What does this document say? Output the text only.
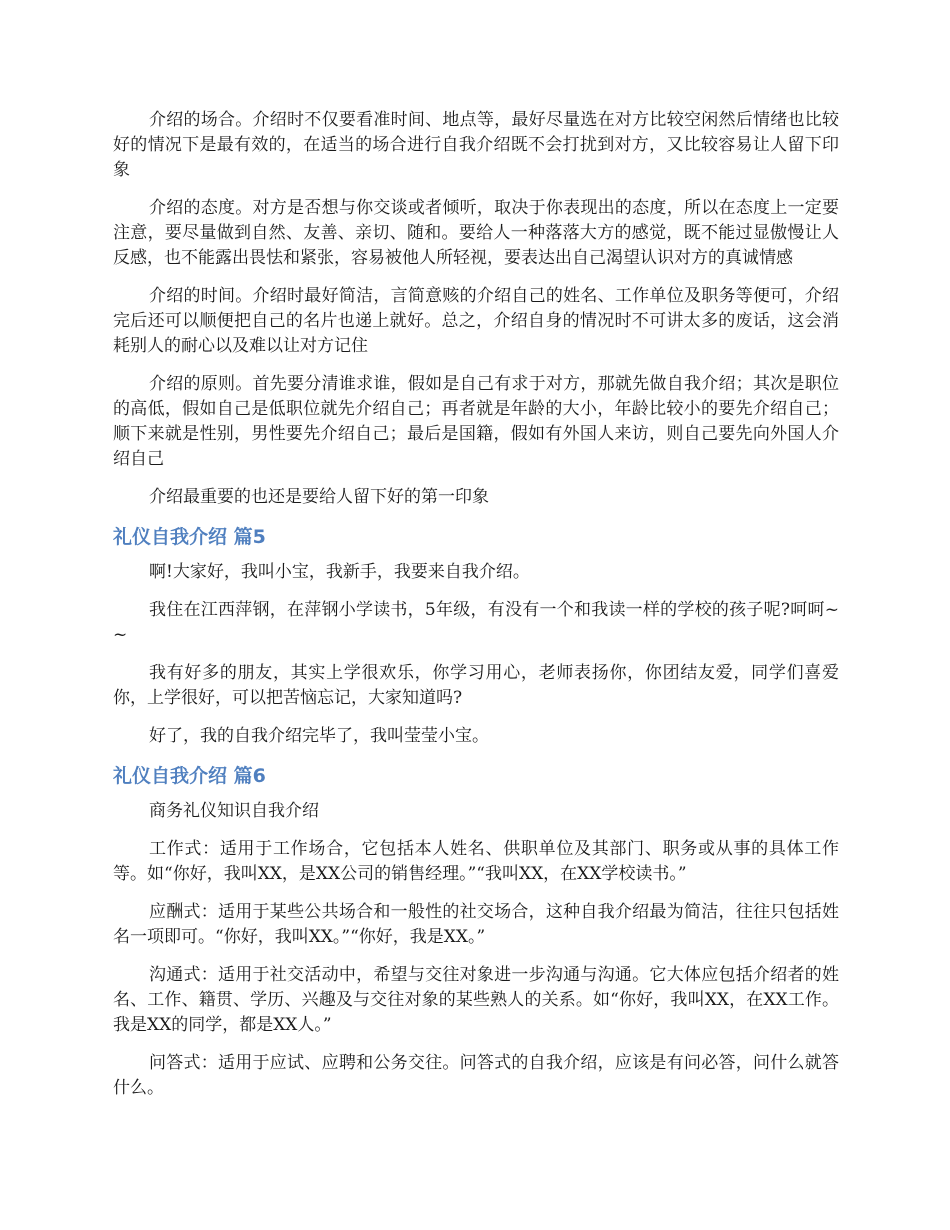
介绍的场合。介绍时不仅要看准时间、地点等，最好尽量选在对方比较空闲然后情绪也比较好的情况下是最有效的，在适当的场合进行自我介绍既不会打扰到对方，又比较容易让人留下印象

介绍的态度。对方是否想与你交谈或者倾听，取决于你表现出的态度，所以在态度上一定要注意，要尽量做到自然、友善、亲切、随和。要给人一种落落大方的感觉，既不能过显傲慢让人反感，也不能露出畏怯和紧张，容易被他人所轻视，要表达出自己渴望认识对方的真诚情感

介绍的时间。介绍时最好简洁，言简意赅的介绍自己的姓名、工作单位及职务等便可，介绍完后还可以顺便把自己的名片也递上就好。总之，介绍自身的情况时不可讲太多的废话，这会消耗别人的耐心以及难以让对方记住

介绍的原则。首先要分清谁求谁，假如是自己有求于对方，那就先做自我介绍；其次是职位的高低，假如自己是低职位就先介绍自己；再者就是年龄的大小，年龄比较小的要先介绍自己；顺下来就是性别，男性要先介绍自己；最后是国籍，假如有外国人来访，则自己要先向外国人介绍自己

介绍最重要的也还是要给人留下好的第一印象

礼仪自我介绍 篇5

啊!大家好，我叫小宝，我新手，我要来自我介绍。

我住在江西萍钢，在萍钢小学读书，5年级，有没有一个和我读一样的学校的孩子呢?呵呵~~

我有好多的朋友，其实上学很欢乐，你学习用心，老师表扬你，你团结友爱，同学们喜爱你，上学很好，可以把苦恼忘记，大家知道吗?

好了，我的自我介绍完毕了，我叫莹莹小宝。

礼仪自我介绍 篇6

商务礼仪知识自我介绍

工作式：适用于工作场合，它包括本人姓名、供职单位及其部门、职务或从事的具体工作等。如“你好，我叫XX，是XX公司的销售经理。”“我叫XX，在XX学校读书。”

应酬式：适用于某些公共场合和一般性的社交场合，这种自我介绍最为简洁，往往只包括姓名一项即可。“你好，我叫XX。”“你好，我是XX。”

沟通式：适用于社交活动中，希望与交往对象进一步沟通与沟通。它大体应包括介绍者的姓名、工作、籍贯、学历、兴趣及与交往对象的某些熟人的关系。如“你好，我叫XX，在XX工作。我是XX的同学，都是XX人。”

问答式：适用于应试、应聘和公务交往。问答式的自我介绍，应该是有问必答，问什么就答什么。
